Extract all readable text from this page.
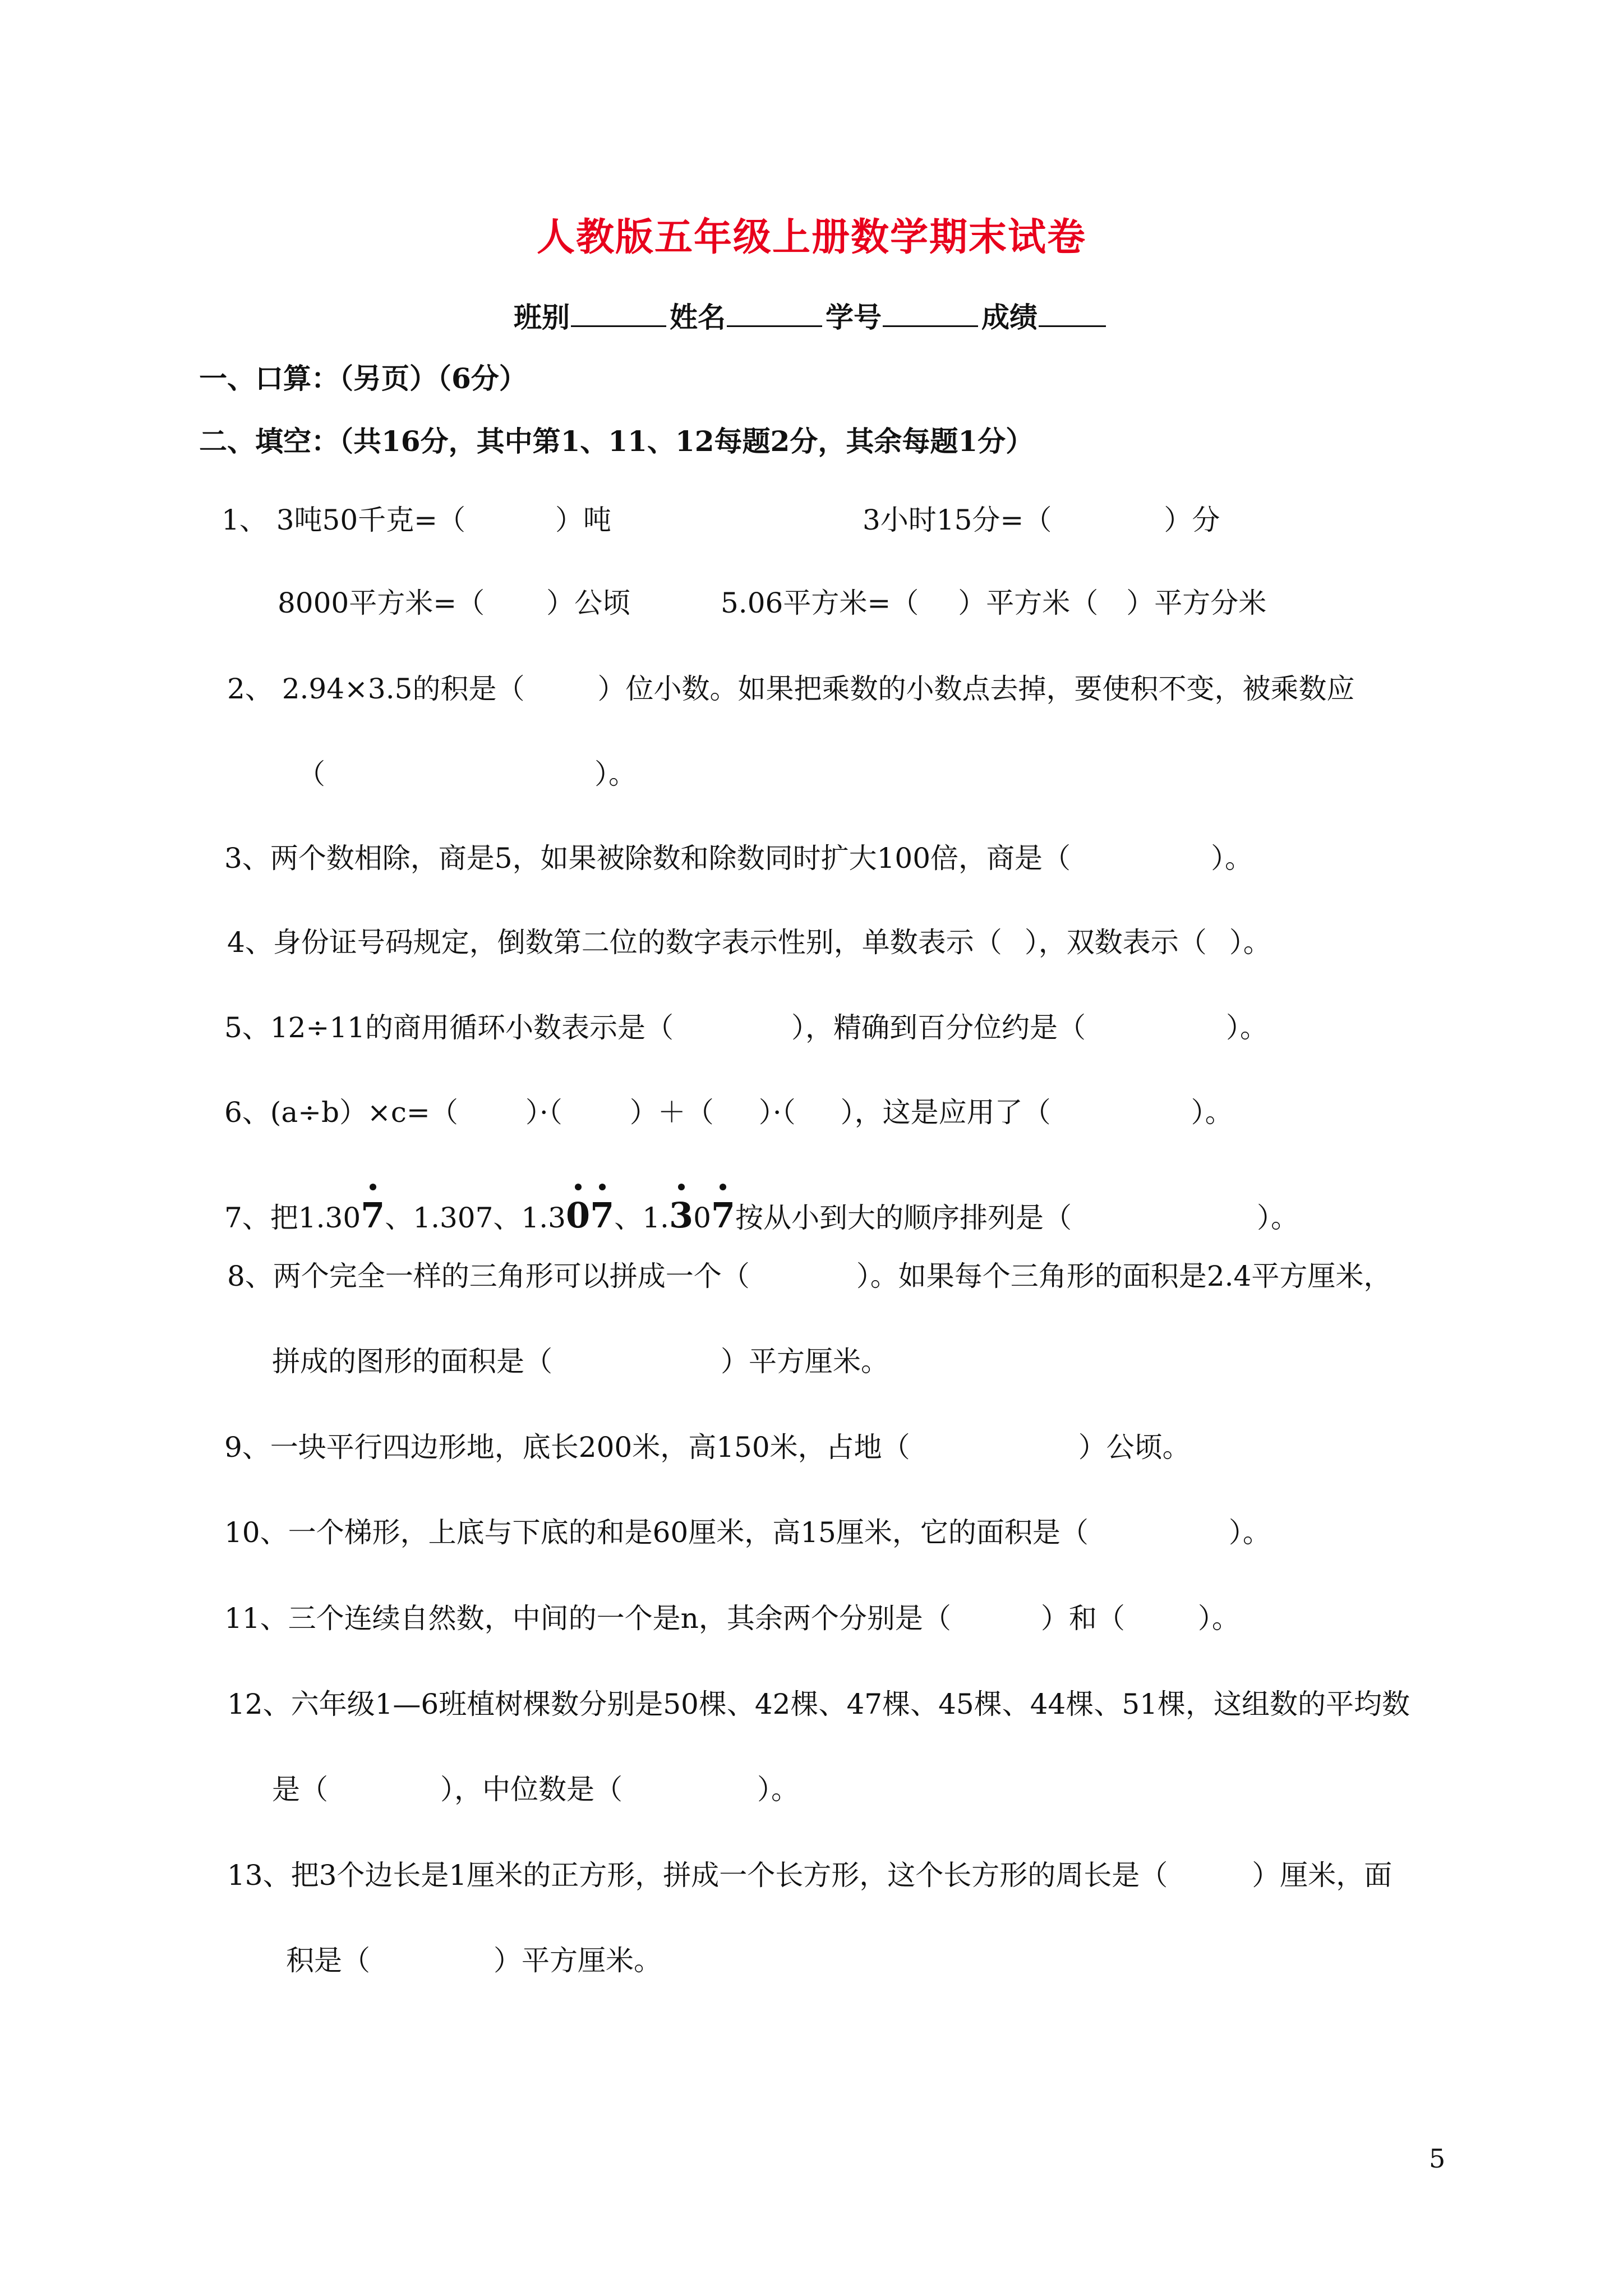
人教版五年级上册数学期末试卷
班别	姓名	学号	成绩
一、口算：（另页）（6分）
二、填空：（共16分，其中第1、11、12每题2分，其余每题1分）
1、 3吨50千克=（	）吨	3小时15分=（	）分
8000平方米=（ ）公顷	5.06平方米=（ ）平方米（ ）平方分米
2、 2.94×3.5的积是（	）位小数。如果把乘数的小数点去掉，要使积不变，被乘数应
（	）。
3、两个数相除，商是5，如果被除数和除数同时扩大100倍，商是（	）。
4、身份证号码规定，倒数第二位的数字表示性别，单数表示（ ），双数表示（ ）。
5、12÷11的商用循环小数表示是（	），精确到百分位约是（	）。
6、(a÷b）×c=（ ）·（ ）＋（ ）·（ ），这是应用了（	）。
7、把1.307
、1.307、1.30
7
、1.3
07
按从小到大的顺序排列是（	）。
8、两个完全一样的三角形可以拼成一个（	）。如果每个三角形的面积是2.4平方厘米，
拼成的图形的面积是（	）平方厘米。
9、一块平行四边形地，底长200米，高150米，占地（	）公顷。
10、一个梯形，上底与下底的和是60厘米，高15厘米，它的面积是（	）。
11、三个连续自然数，中间的一个是n，其余两个分别是（	）和（	）。
12、六年级1—6班植树棵数分别是50棵、42棵、47棵、45棵、44棵、51棵，这组数的平均数
是（	），中位数是（	）。
13、把3个边长是1厘米的正方形，拼成一个长方形，这个长方形的周长是（	）厘米，面
积是（	）平方厘米。
5
